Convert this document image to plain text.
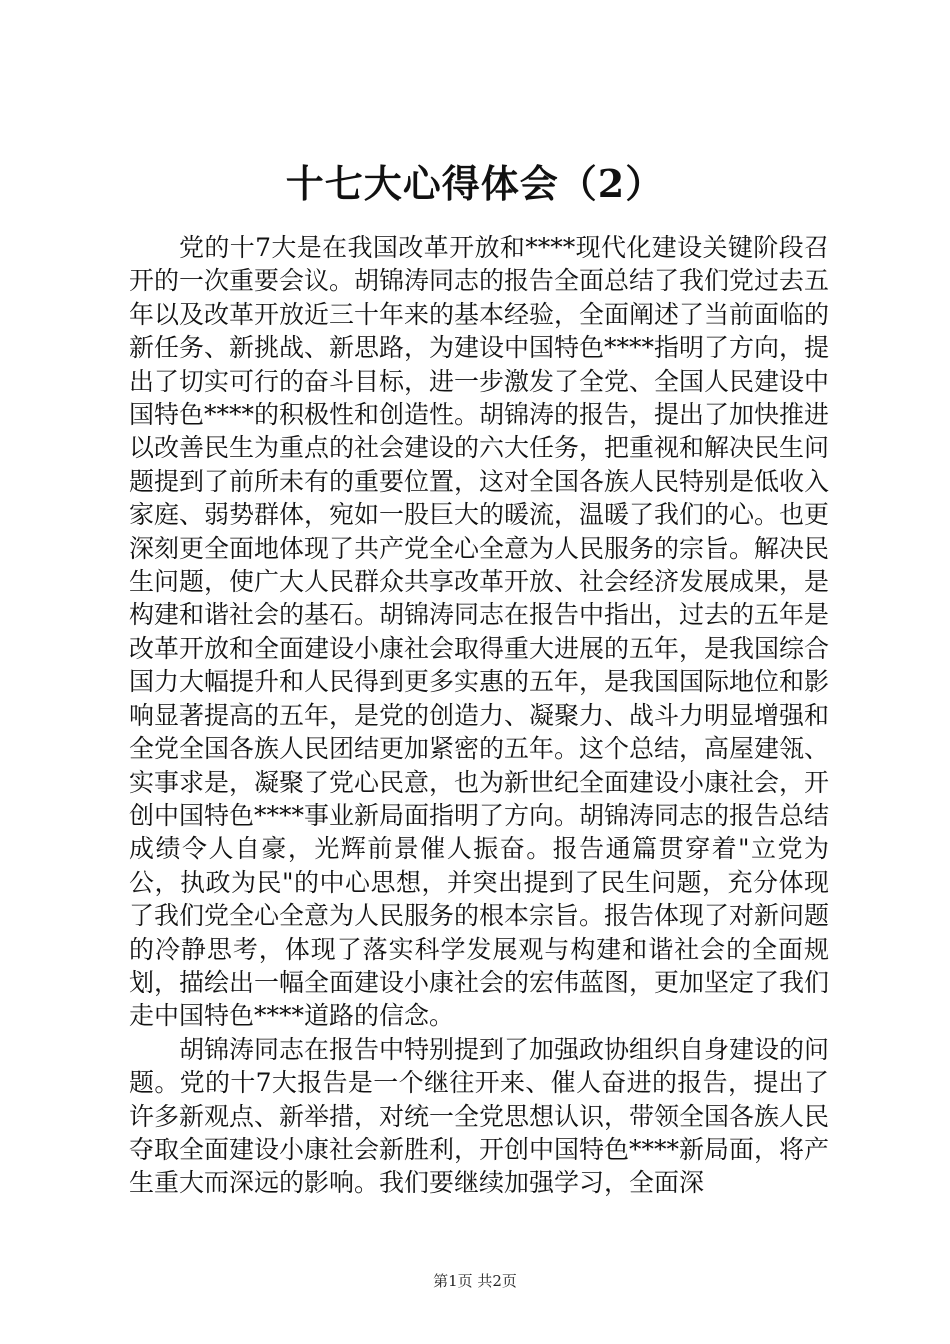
十七大心得体会（2）

党的十7大是在我国改革开放和****现代化建设关键阶段召开的一次重要会议。胡锦涛同志的报告全面总结了我们党过去五年以及改革开放近三十年来的基本经验，全面阐述了当前面临的新任务、新挑战、新思路，为建设中国特色****指明了方向，提出了切实可行的奋斗目标，进一步激发了全党、全国人民建设中国特色****的积极性和创造性。胡锦涛的报告，提出了加快推进以改善民生为重点的社会建设的六大任务，把重视和解决民生问题提到了前所未有的重要位置，这对全国各族人民特别是低收入家庭、弱势群体，宛如一股巨大的暖流，温暖了我们的心。也更深刻更全面地体现了共产党全心全意为人民服务的宗旨。解决民生问题，使广大人民群众共享改革开放、社会经济发展成果，是构建和谐社会的基石。胡锦涛同志在报告中指出，过去的五年是改革开放和全面建设小康社会取得重大进展的五年，是我国综合国力大幅提升和人民得到更多实惠的五年，是我国国际地位和影响显著提高的五年，是党的创造力、凝聚力、战斗力明显增强和全党全国各族人民团结更加紧密的五年。这个总结，高屋建瓴、实事求是，凝聚了党心民意，也为新世纪全面建设小康社会，开创中国特色****事业新局面指明了方向。胡锦涛同志的报告总结成绩令人自豪，光辉前景催人振奋。报告通篇贯穿着"立党为公，执政为民"的中心思想，并突出提到了民生问题，充分体现了我们党全心全意为人民服务的根本宗旨。报告体现了对新问题的冷静思考，体现了落实科学发展观与构建和谐社会的全面规划，描绘出一幅全面建设小康社会的宏伟蓝图，更加坚定了我们走中国特色****道路的信念。

胡锦涛同志在报告中特别提到了加强政协组织自身建设的问题。党的十7大报告是一个继往开来、催人奋进的报告，提出了许多新观点、新举措，对统一全党思想认识，带领全国各族人民夺取全面建设小康社会新胜利，开创中国特色****新局面，将产生重大而深远的影响。我们要继续加强学习，全面深

第1页 共2页
